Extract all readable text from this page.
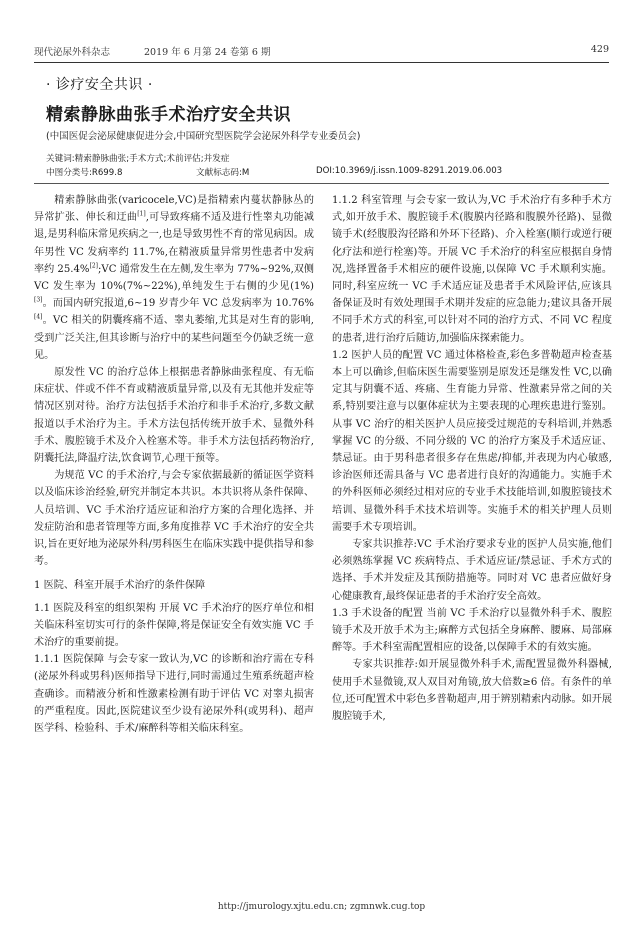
现代泌尿外科杂志	2019 年 6 月第 24 卷第 6 期	429
· 诊疗安全共识 ·
精索静脉曲张手术治疗安全共识
(中国医促会泌尿健康促进分会,中国研究型医院学会泌尿外科学专业委员会)
关键词:精索静脉曲张;手术方式;术前评估;并发症
中图分类号:R699.8	文献标志码:M	DOI:10.3969/j.issn.1009-8291.2019.06.003

精索静脉曲张(varicocele,VC)是指精索内蔓状静脉丛的异常扩张、伸长和迂曲[1],可导致疼痛不适及进行性睾丸功能减退,是男科临床常见疾病之一,也是导致男性不育的常见病因。成年男性 VC 发病率约 11.7%,在精液质量异常男性患者中发病率约 25.4%[2];VC 通常发生在左侧,发生率为 77%~92%,双侧 VC 发生率为 10%(7%~22%),单纯发生于右侧的少见(1%)[3]。而国内研究报道,6~19 岁青少年 VC 总发病率为 10.76%[4]。VC 相关的阴囊疼痛不适、睾丸萎缩,尤其是对生育的影响,受到广泛关注,但其诊断与治疗中的某些问题至今仍缺乏统一意见。

原发性 VC 的治疗总体上根据患者静脉曲张程度、有无临床症状、伴或不伴不育或精液质量异常,以及有无其他并发症等情况区别对待。治疗方法包括手术治疗和非手术治疗,多数文献报道以手术治疗为主。手术方法包括传统开放手术、显微外科手术、腹腔镜手术及介入栓塞术等。非手术方法包括药物治疗,阴囊托法,降温疗法,饮食调节,心理干预等。

为规范 VC 的手术治疗,与会专家依据最新的循证医学资料以及临床诊治经验,研究并制定本共识。本共识将从条件保障、人员培训、VC 手术治疗适应证和治疗方案的合理化选择、并发症防治和患者管理等方面,多角度推荐 VC 手术治疗的安全共识,旨在更好地为泌尿外科/男科医生在临床实践中提供指导和参考。

1 医院、科室开展手术治疗的条件保障

1.1 医院及科室的组织架构 开展 VC 手术治疗的医疗单位和相关临床科室切实可行的条件保障,将是保证安全有效实施 VC 手术治疗的重要前提。

1.1.1 医院保障 与会专家一致认为,VC 的诊断和治疗需在专科(泌尿外科或男科)医师指导下进行,同时需通过生殖系统超声检查确诊。而精液分析和性激素检测有助于评估 VC 对睾丸损害的严重程度。因此,医院建议至少设有泌尿外科(或男科)、超声医学科、检验科、手术/麻醉科等相关临床科室。

1.1.2 科室管理 与会专家一致认为,VC 手术治疗有多种手术方式,如开放手术、腹腔镜手术(腹膜内径路和腹膜外径路)、显微镜手术(经腹股沟径路和外环下径路)、介入栓塞(顺行或逆行硬化疗法和逆行栓塞)等。开展 VC 手术治疗的科室应根据自身情况,选择置备手术相应的硬件设施,以保障 VC 手术顺利实施。同时,科室应统一 VC 手术适应证及患者手术风险评估,应该具备保证及时有效处理围手术期并发症的应急能力;建议具备开展不同手术方式的科室,可以针对不同的治疗方式、不同 VC 程度的患者,进行治疗后随访,加强临床探索能力。

1.2 医护人员的配置 VC 通过体格检查,彩色多普勒超声检查基本上可以确诊,但临床医生需要鉴别是原发还是继发性 VC,以确定其与阴囊不适、疼痛、生育能力异常、性激素异常之间的关系,特别要注意与以躯体症状为主要表现的心理疾患进行鉴别。从事 VC 治疗的相关医护人员应接受过规范的专科培训,并熟悉掌握 VC 的分级、不同分级的 VC 的治疗方案及手术适应证、禁忌证。由于男科患者很多存在焦虑/抑郁,并表现为内心敏感,诊治医师还需具备与 VC 患者进行良好的沟通能力。实施手术的外科医师必须经过相对应的专业手术技能培训,如腹腔镜技术培训、显微外科手术技术培训等。实施手术的相关护理人员则需要手术专项培训。

专家共识推荐:VC 手术治疗要求专业的医护人员实施,他们必须熟练掌握 VC 疾病特点、手术适应证/禁忌证、手术方式的选择、手术并发症及其预防措施等。同时对 VC 患者应做好身心健康教育,最终保证患者的手术治疗安全高效。

1.3 手术设备的配置 当前 VC 手术治疗以显微外科手术、腹腔镜手术及开放手术为主;麻醉方式包括全身麻醉、腰麻、局部麻醉等。手术科室需配置相应的设备,以保障手术的有效实施。

专家共识推荐:如开展显微外科手术,需配置显微外科器械,使用手术显微镜,双人双目对角镜,放大倍数≥6 倍。有条件的单位,还可配置术中彩色多普勒超声,用于辨别精索内动脉。如开展腹腔镜手术,

http://jmurology.xjtu.edu.cn; zgmnwk.cug.top
